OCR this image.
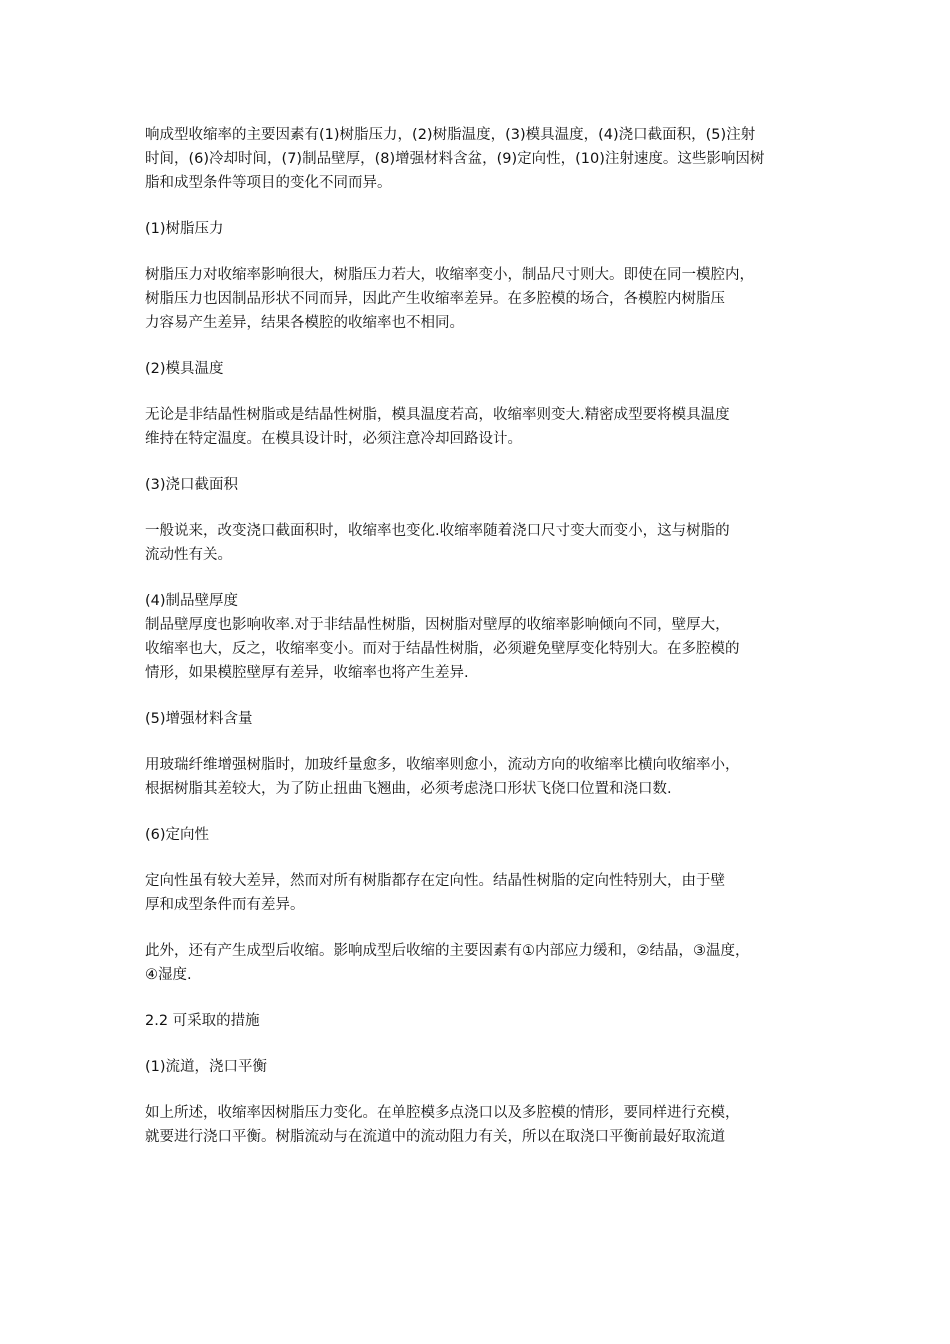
响成型收缩率的主要因素有(1)树脂压力，(2)树脂温度，(3)模具温度，(4)浇口截面积，(5)注射

时间，(6)冷却时间，(7)制品壁厚，(8)增强材料含盆，(9)定向性，(10)注射速度。这些影响因树

脂和成型条件等项目的变化不同而异。

(1)树脂压力

树脂压力对收缩率影响很大，树脂压力若大，收缩率变小，制品尺寸则大。即使在同一模腔内，

树脂压力也因制品形状不同而异，因此产生收缩率差异。在多腔模的场合，各模腔内树脂压

力容易产生差异，结果各模腔的收缩率也不相同。

(2)模具温度

无论是非结晶性树脂或是结晶性树脂，模具温度若高，收缩率则变大.精密成型要将模具温度

维持在特定温度。在模具设计时，必须注意冷却回路设计。

(3)浇口截面积

一般说来，改变浇口截面积时，收缩率也变化.收缩率随着浇口尺寸变大而变小，这与树脂的

流动性有关。

(4)制品壁厚度

制品壁厚度也影响收率.对于非结晶性树脂，因树脂对壁厚的收缩率影响倾向不同，壁厚大，

收缩率也大，反之，收缩率变小。而对于结晶性树脂，必须避免壁厚变化特别大。在多腔模的

情形，如果模腔壁厚有差异，收缩率也将产生差异.

(5)增强材料含量

用玻瑞纤维增强树脂时，加玻纤量愈多，收缩率则愈小，流动方向的收缩率比横向收缩率小，

根据树脂其差较大，为了防止扭曲飞翘曲，必须考虑浇口形状飞侥口位置和浇口数.

(6)定向性

定向性虽有较大差异，然而对所有树脂都存在定向性。结晶性树脂的定向性特别大，由于壁

厚和成型条件而有差异。

此外，还有产生成型后收缩。影响成型后收缩的主要因素有①内部应力缓和，②结晶，③温度，

④湿度.

2.2 可采取的措施

(1)流道，浇口平衡

如上所述，收缩率因树脂压力变化。在单腔模多点浇口以及多腔模的情形，要同样进行充模，

就要进行浇口平衡。树脂流动与在流道中的流动阻力有关，所以在取浇口平衡前最好取流道
